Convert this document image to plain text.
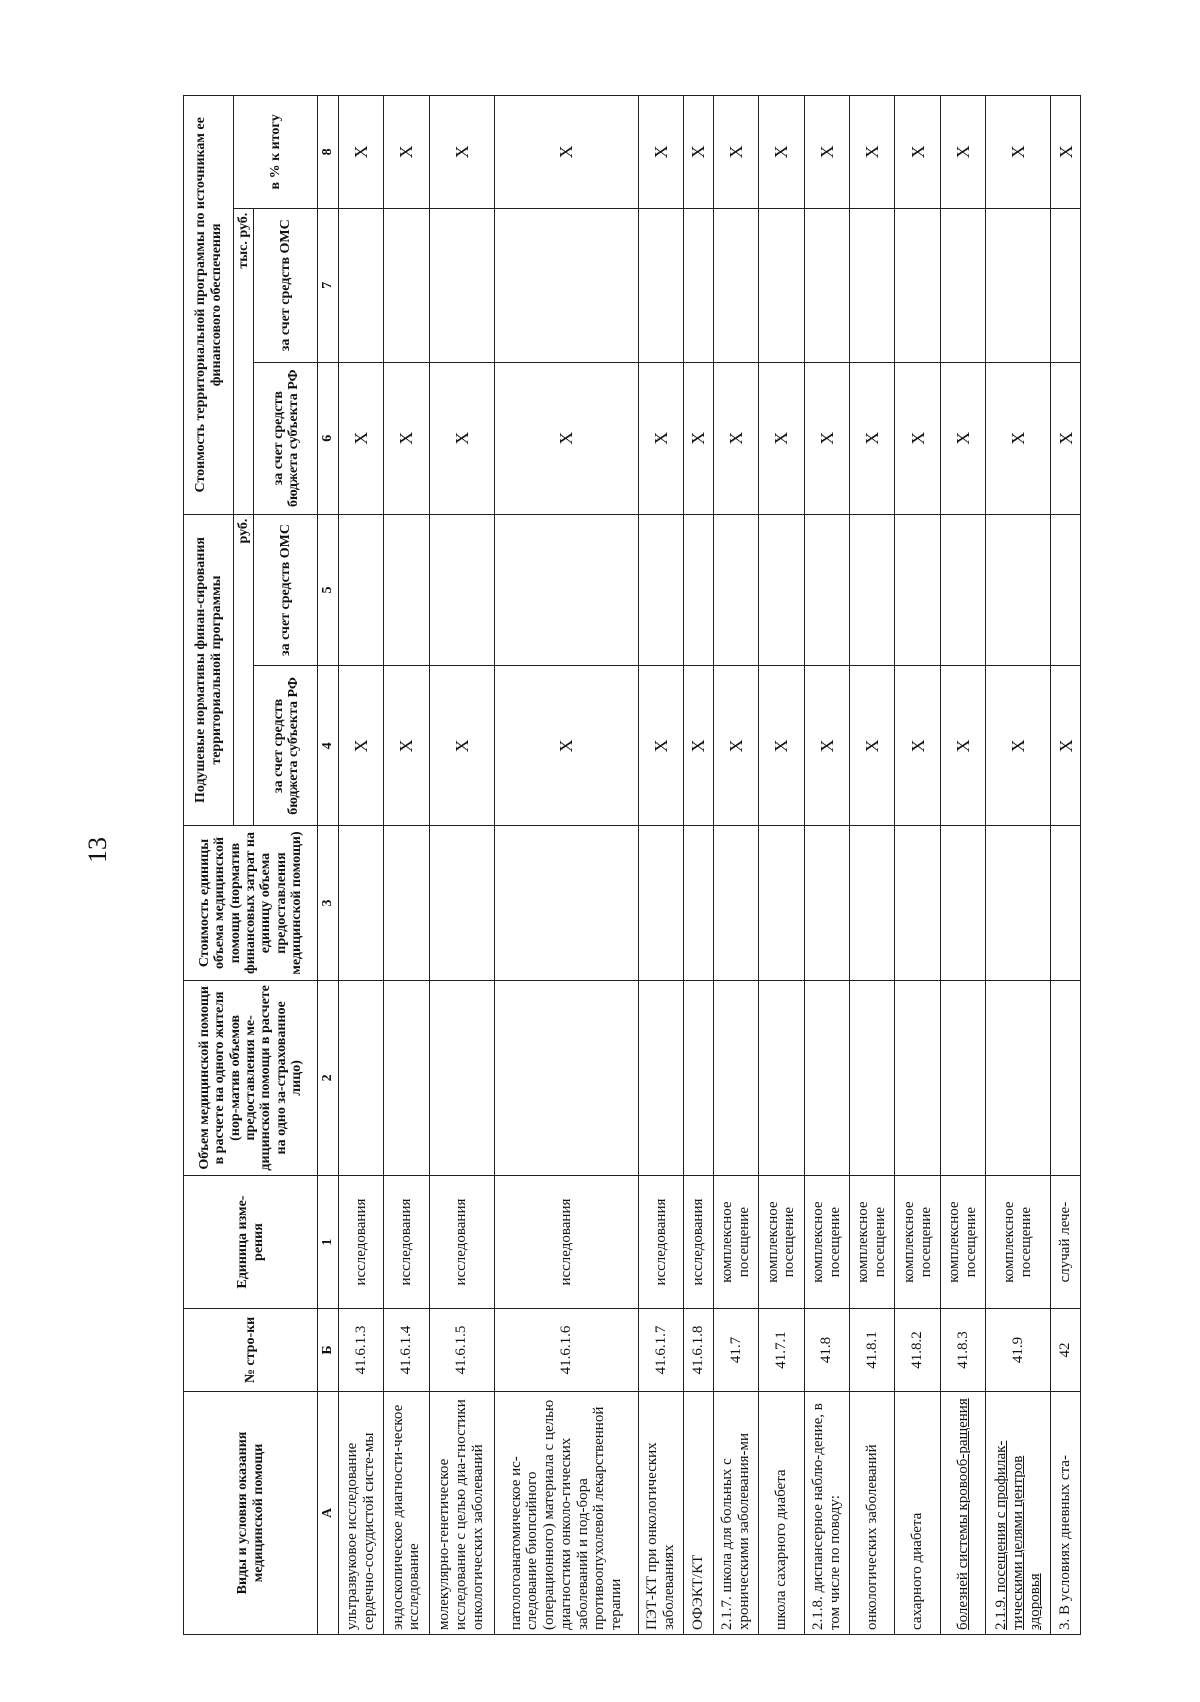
13
Виды и условия оказания медицинской помощи	№ стро-ки	Единица изме-рения	Объем медицинской помощи в расчете на одного жителя (нор-матив объемов предоставления ме-дицинской помощи в расчете на одно за-страхованное лицо)	Стоимость единицы объема медицинской помощи (норматив финансовых затрат на единицу объема предоставления медицинской помощи)	Подушевые нормативы финан-сирования территориальной программы		Стоимость территориальной программы по источникам ее финансового обеспечения		
					руб.		тыс. руб.		в % к итогу
					за счет средств бюджета субъекта РФ	за счет средств ОМС	за счет средств бюджета субъекта РФ	за счет средств ОМС	
А	Б	1	2	3	4	5	6	7	8
ультразвуковое исследование сердечно-сосудистой систе-мы	41.6.1.3	исследования			X		X		X
эндоскопическое диагности-ческое исследование	41.6.1.4	исследования			X		X		X
молекулярно-генетическое исследование с целью диа-гностики онкологических заболеваний	41.6.1.5	исследования			X		X		X
патологоанатомическое ис-следование биопсийного (операционного) материала с целью диагностики онколо-гических заболеваний и под-бора противоопухолевой лекарственной терапии	41.6.1.6	исследования			X		X		X
ПЭТ-КТ при онкологических заболеваниях	41.6.1.7	исследования			X		X		X
ОФЭКТ/КТ	41.6.1.8	исследования			X		X		X
2.1.7. школа для больных с хроническими заболевания-ми	41.7	комплексное посещение			X		X		X
школа сахарного диабета	41.7.1	комплексное посещение			X		X		X
2.1.8. диспансерное наблю-дение, в том числе по поводу:	41.8	комплексное посещение			X		X		X
онкологических заболеваний	41.8.1	комплексное посещение			X		X		X
сахарного диабета	41.8.2	комплексное посещение			X		X		X
болезней системы кровооб-ращения	41.8.3	комплексное посещение			X		X		X
2.1.9. посещения с профилак-тическими целями центров здоровья	41.9	комплексное посещение			X		X		X
3. В условиях дневных ста-	42	случай лече-			X		X		X
